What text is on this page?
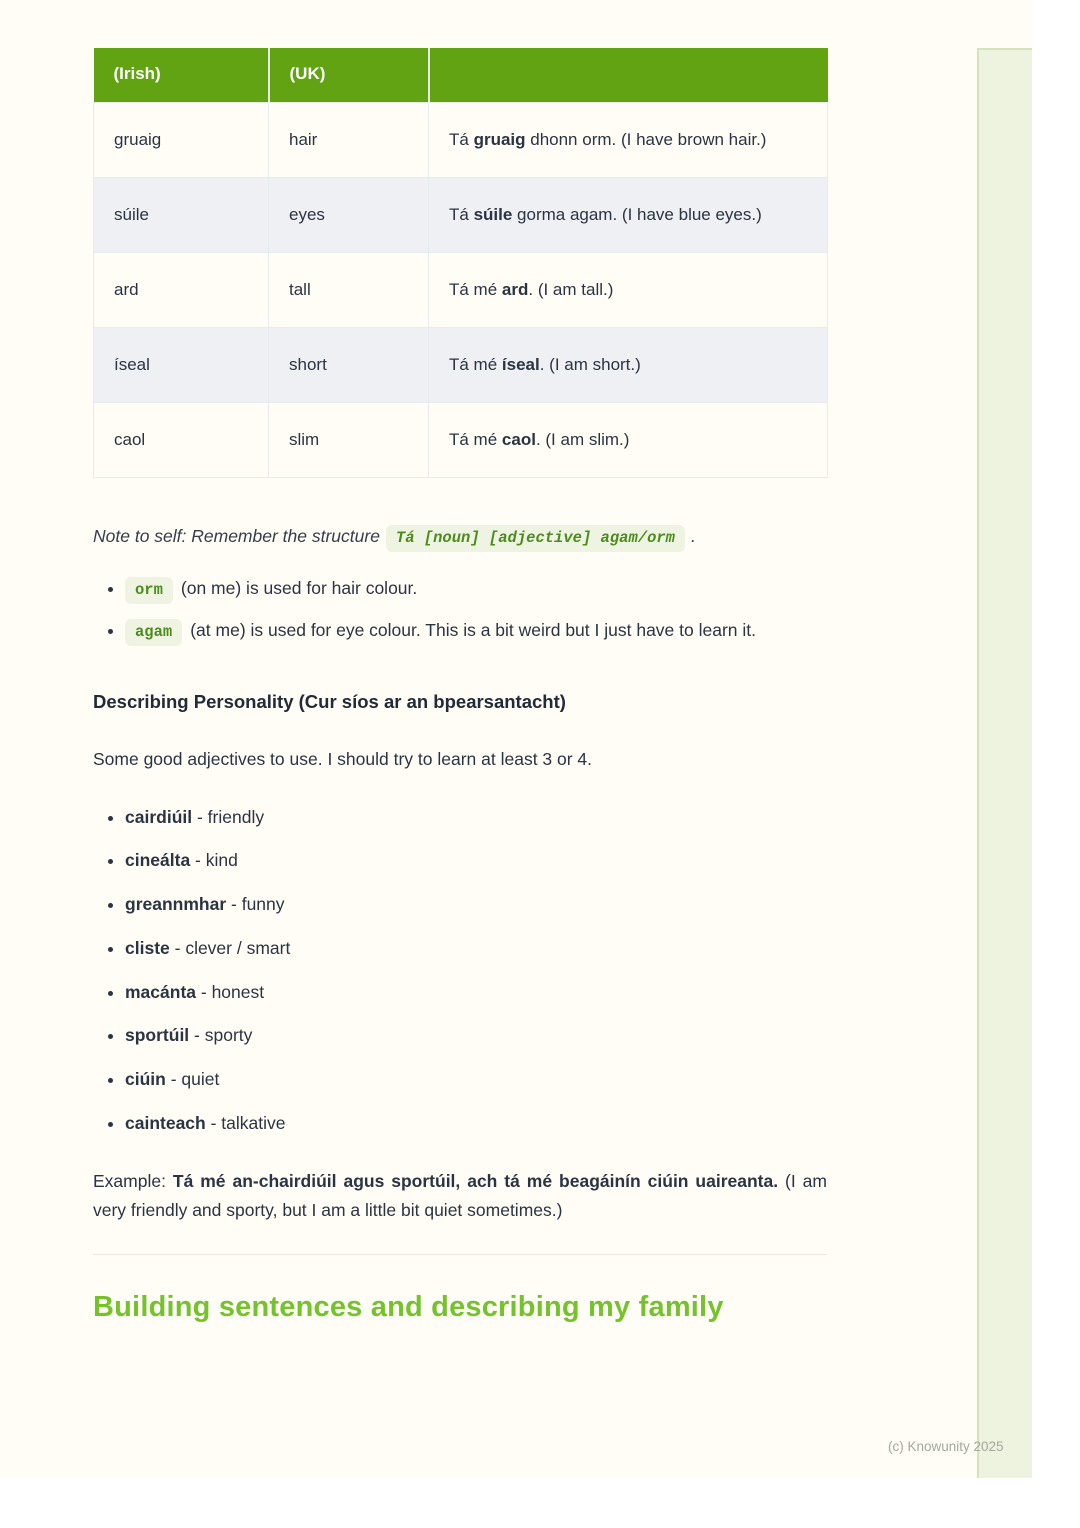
(Irish)	(UK)	
gruaig	hair	Tá gruaig dhonn orm. (I have brown hair.)
súile	eyes	Tá súile gorma agam. (I have blue eyes.)
ard	tall	Tá mé ard. (I am tall.)
íseal	short	Tá mé íseal. (I am short.)
caol	slim	Tá mé caol. (I am slim.)

Note to self: Remember the structure Tá [noun] [adjective] agam/orm .

• orm (on me) is used for hair colour.
• agam (at me) is used for eye colour. This is a bit weird but I just have to learn it.
Describing Personality (Cur síos ar an bpearsantacht)

Some good adjectives to use. I should try to learn at least 3 or 4.

• cairdiúil - friendly
• cineálta - kind
• greannmhar - funny
• cliste - clever / smart
• macánta - honest
• sportúil - sporty
• ciúin - quiet
• cainteach - talkative

Example: Tá mé an-chairdiúil agus sportúil, ach tá mé beagáinín ciúin uaireanta. (I am very friendly and sporty, but I am a little bit quiet sometimes.)

Building sentences and describing my family
(c) Knowunity 2025
